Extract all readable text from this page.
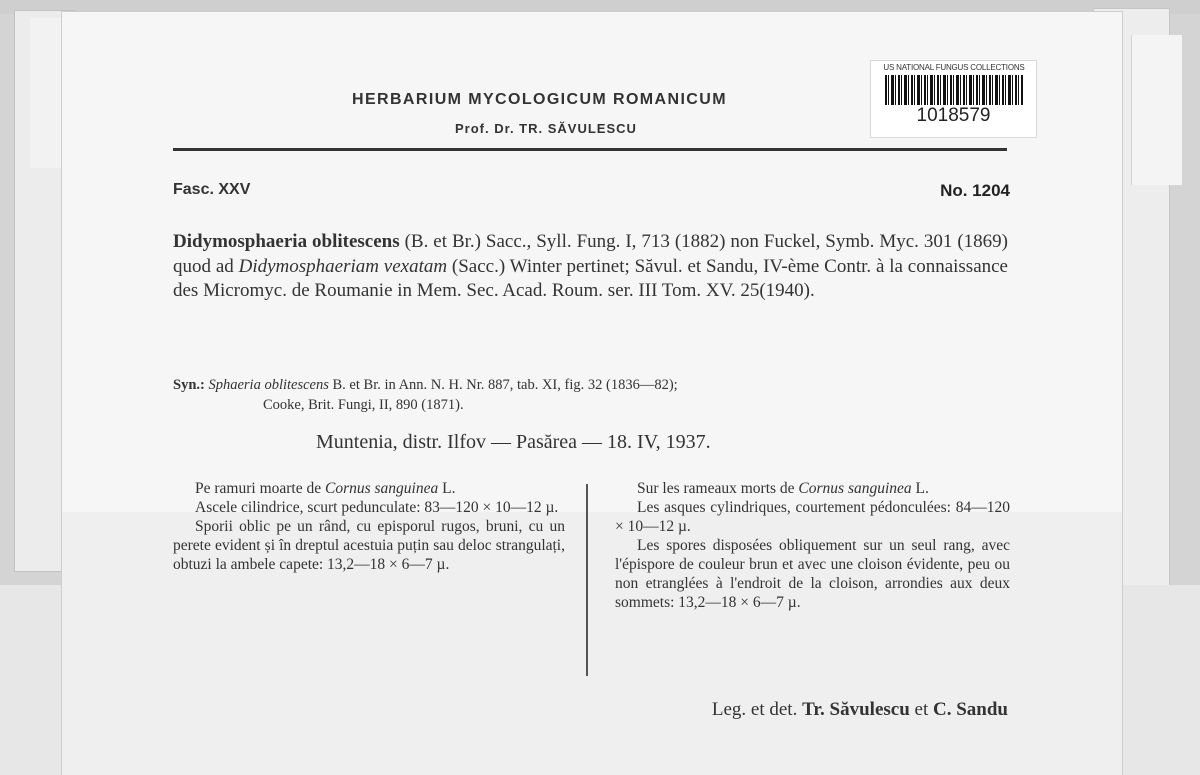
US NATIONAL FUNGUS COLLECTIONS
1018579
HERBARIUM MYCOLOGICUM ROMANICUM
Prof. Dr. TR. SĂVULESCU
Fasc. XXV	No. 1204
Didymosphaeria oblitescens (B. et Br.) Sacc., Syll. Fung. I, 713 (1882) non Fuckel, Symb. Myc. 301 (1869) quod ad Didymosphaeriam vexatam (Sacc.) Winter pertinet; Săvul. et Sandu, IV-ème Contr. à la connaissance des Micromyc. de Roumanie in Mem. Sec. Acad. Roum. ser. III Tom. XV. 25(1940).
Syn.: Sphaeria oblitescens B. et Br. in Ann. N. H. Nr. 887, tab. XI, fig. 32 (1836—82);
Cooke, Brit. Fungi, II, 890 (1871).
Muntenia, distr. Ilfov — Pasărea — 18. IV, 1937.

Pe ramuri moarte de Cornus sanguinea L.

Ascele cilindrice, scurt pedunculate: 83—120 × 10—12 µ.

Sporii oblic pe un rând, cu episporul rugos, bruni, cu un perete evident și în dreptul acestuia puțin sau deloc strangulați, obtuzi la ambele capete: 13,2—18 × 6—7 µ.

Sur les rameaux morts de Cornus sanguinea L.

Les asques cylindriques, courtement pédonculées: 84—120 × 10—12 µ.

Les spores disposées obliquement sur un seul rang, avec l'épispore de couleur brun et avec une cloison évidente, peu ou non etranglées à l'endroit de la cloison, arrondies aux deux sommets: 13,2—18 × 6—7 µ.

Leg. et det. Tr. Săvulescu et C. Sandu
